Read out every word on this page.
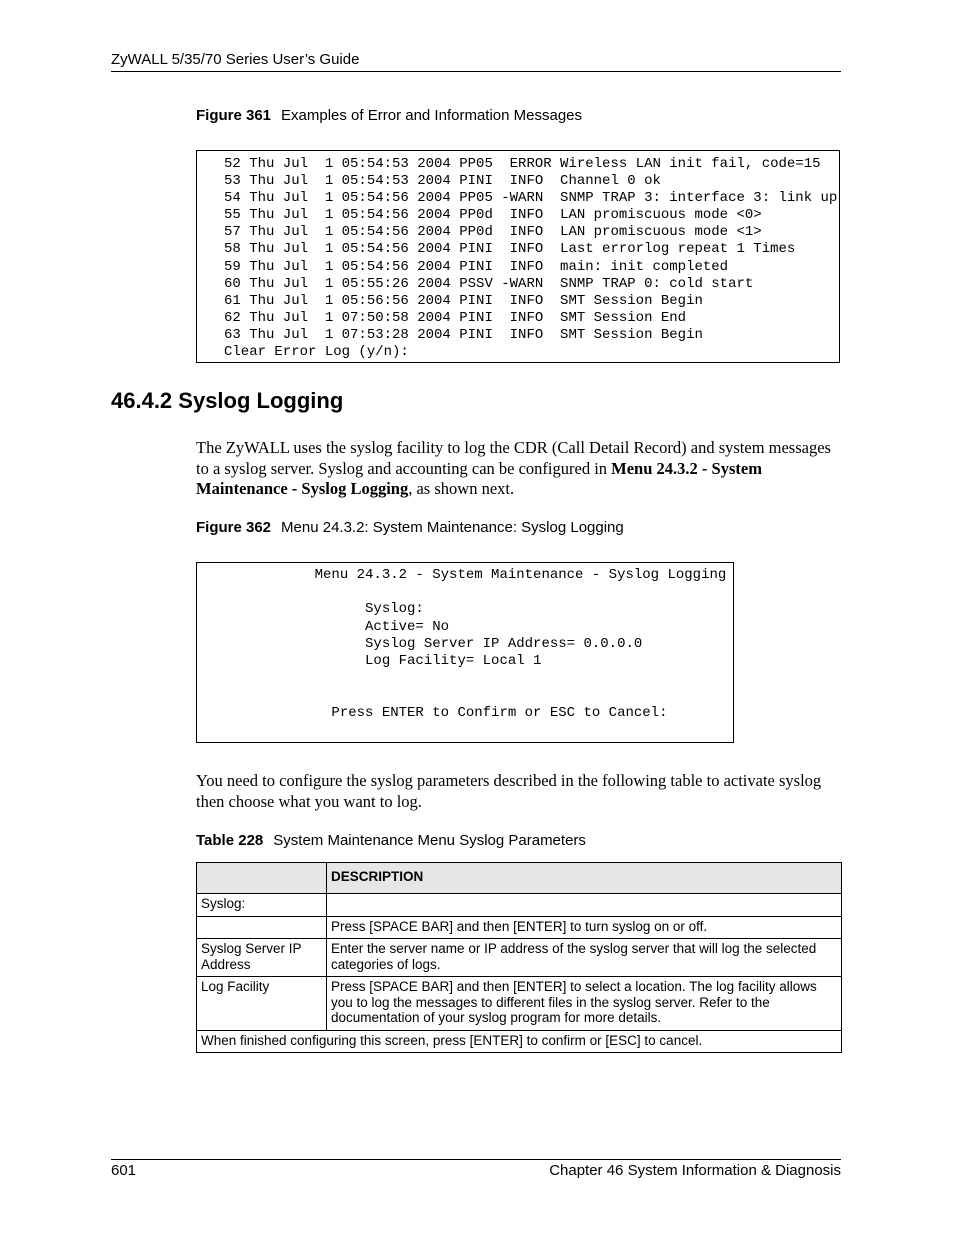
ZyWALL 5/35/70 Series User’s Guide
Figure 361 Examples of Error and Information Messages
52 Thu Jul  1 05:54:53 2004 PP05  ERROR Wireless LAN init fail, code=15
53 Thu Jul  1 05:54:53 2004 PINI  INFO  Channel 0 ok
54 Thu Jul  1 05:54:56 2004 PP05 -WARN  SNMP TRAP 3: interface 3: link up
55 Thu Jul  1 05:54:56 2004 PP0d  INFO  LAN promiscuous mode <0>
57 Thu Jul  1 05:54:56 2004 PP0d  INFO  LAN promiscuous mode <1>
58 Thu Jul  1 05:54:56 2004 PINI  INFO  Last errorlog repeat 1 Times
59 Thu Jul  1 05:54:56 2004 PINI  INFO  main: init completed
60 Thu Jul  1 05:55:26 2004 PSSV -WARN  SNMP TRAP 0: cold start
61 Thu Jul  1 05:56:56 2004 PINI  INFO  SMT Session Begin
62 Thu Jul  1 07:50:58 2004 PINI  INFO  SMT Session End
63 Thu Jul  1 07:53:28 2004 PINI  INFO  SMT Session Begin
Clear Error Log (y/n):
46.4.2 Syslog Logging
The ZyWALL uses the syslog facility to log the CDR (Call Detail Record) and system messages to a syslog server. Syslog and accounting can be configured in Menu 24.3.2 - System Maintenance - Syslog Logging, as shown next.
Figure 362 Menu 24.3.2: System Maintenance: Syslog Logging
Menu 24.3.2 - System Maintenance - Syslog Logging

Syslog:
Active= No
Syslog Server IP Address= 0.0.0.0
Log Facility= Local 1

Press ENTER to Confirm or ESC to Cancel:
You need to configure the syslog parameters described in the following table to activate syslog then choose what you want to log.
Table 228 System Maintenance Menu Syslog Parameters
	DESCRIPTION
Syslog:	
	Press [SPACE BAR] and then [ENTER] to turn syslog on or off.
Syslog Server IP Address	Enter the server name or IP address of the syslog server that will log the selected categories of logs.
Log Facility	Press [SPACE BAR] and then [ENTER] to select a location. The log facility allows you to log the messages to different files in the syslog server. Refer to the documentation of your syslog program for more details.
When finished configuring this screen, press [ENTER] to confirm or [ESC] to cancel.	
601	Chapter 46 System Information & Diagnosis
